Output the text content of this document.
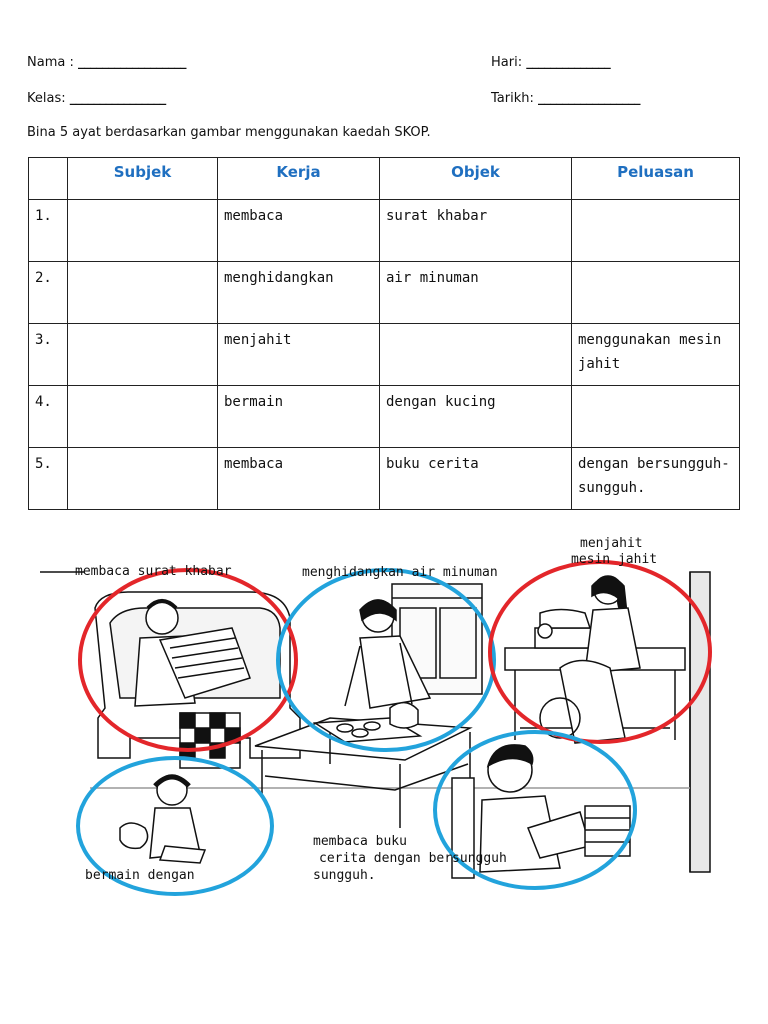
Nama : __________________	Hari: ______________
Kelas: ________________	Tarikh: _________________
Bina 5 ayat berdasarkan gambar menggunakan kaedah SKOP.
	Subjek	Kerja	Objek	Peluasan
1.		membaca	surat khabar	
2.		menghidangkan	air minuman	
3.		menjahit		menggunakan mesin jahit
4.		bermain	dengan kucing	
5.		membaca	buku cerita	dengan bersungguh-sungguh.
membaca surat khabar	menghidangkan air minuman
menjahit
mesin jahit
bermain dengan
membaca buku
cerita dengan bersungguh
sungguh.
